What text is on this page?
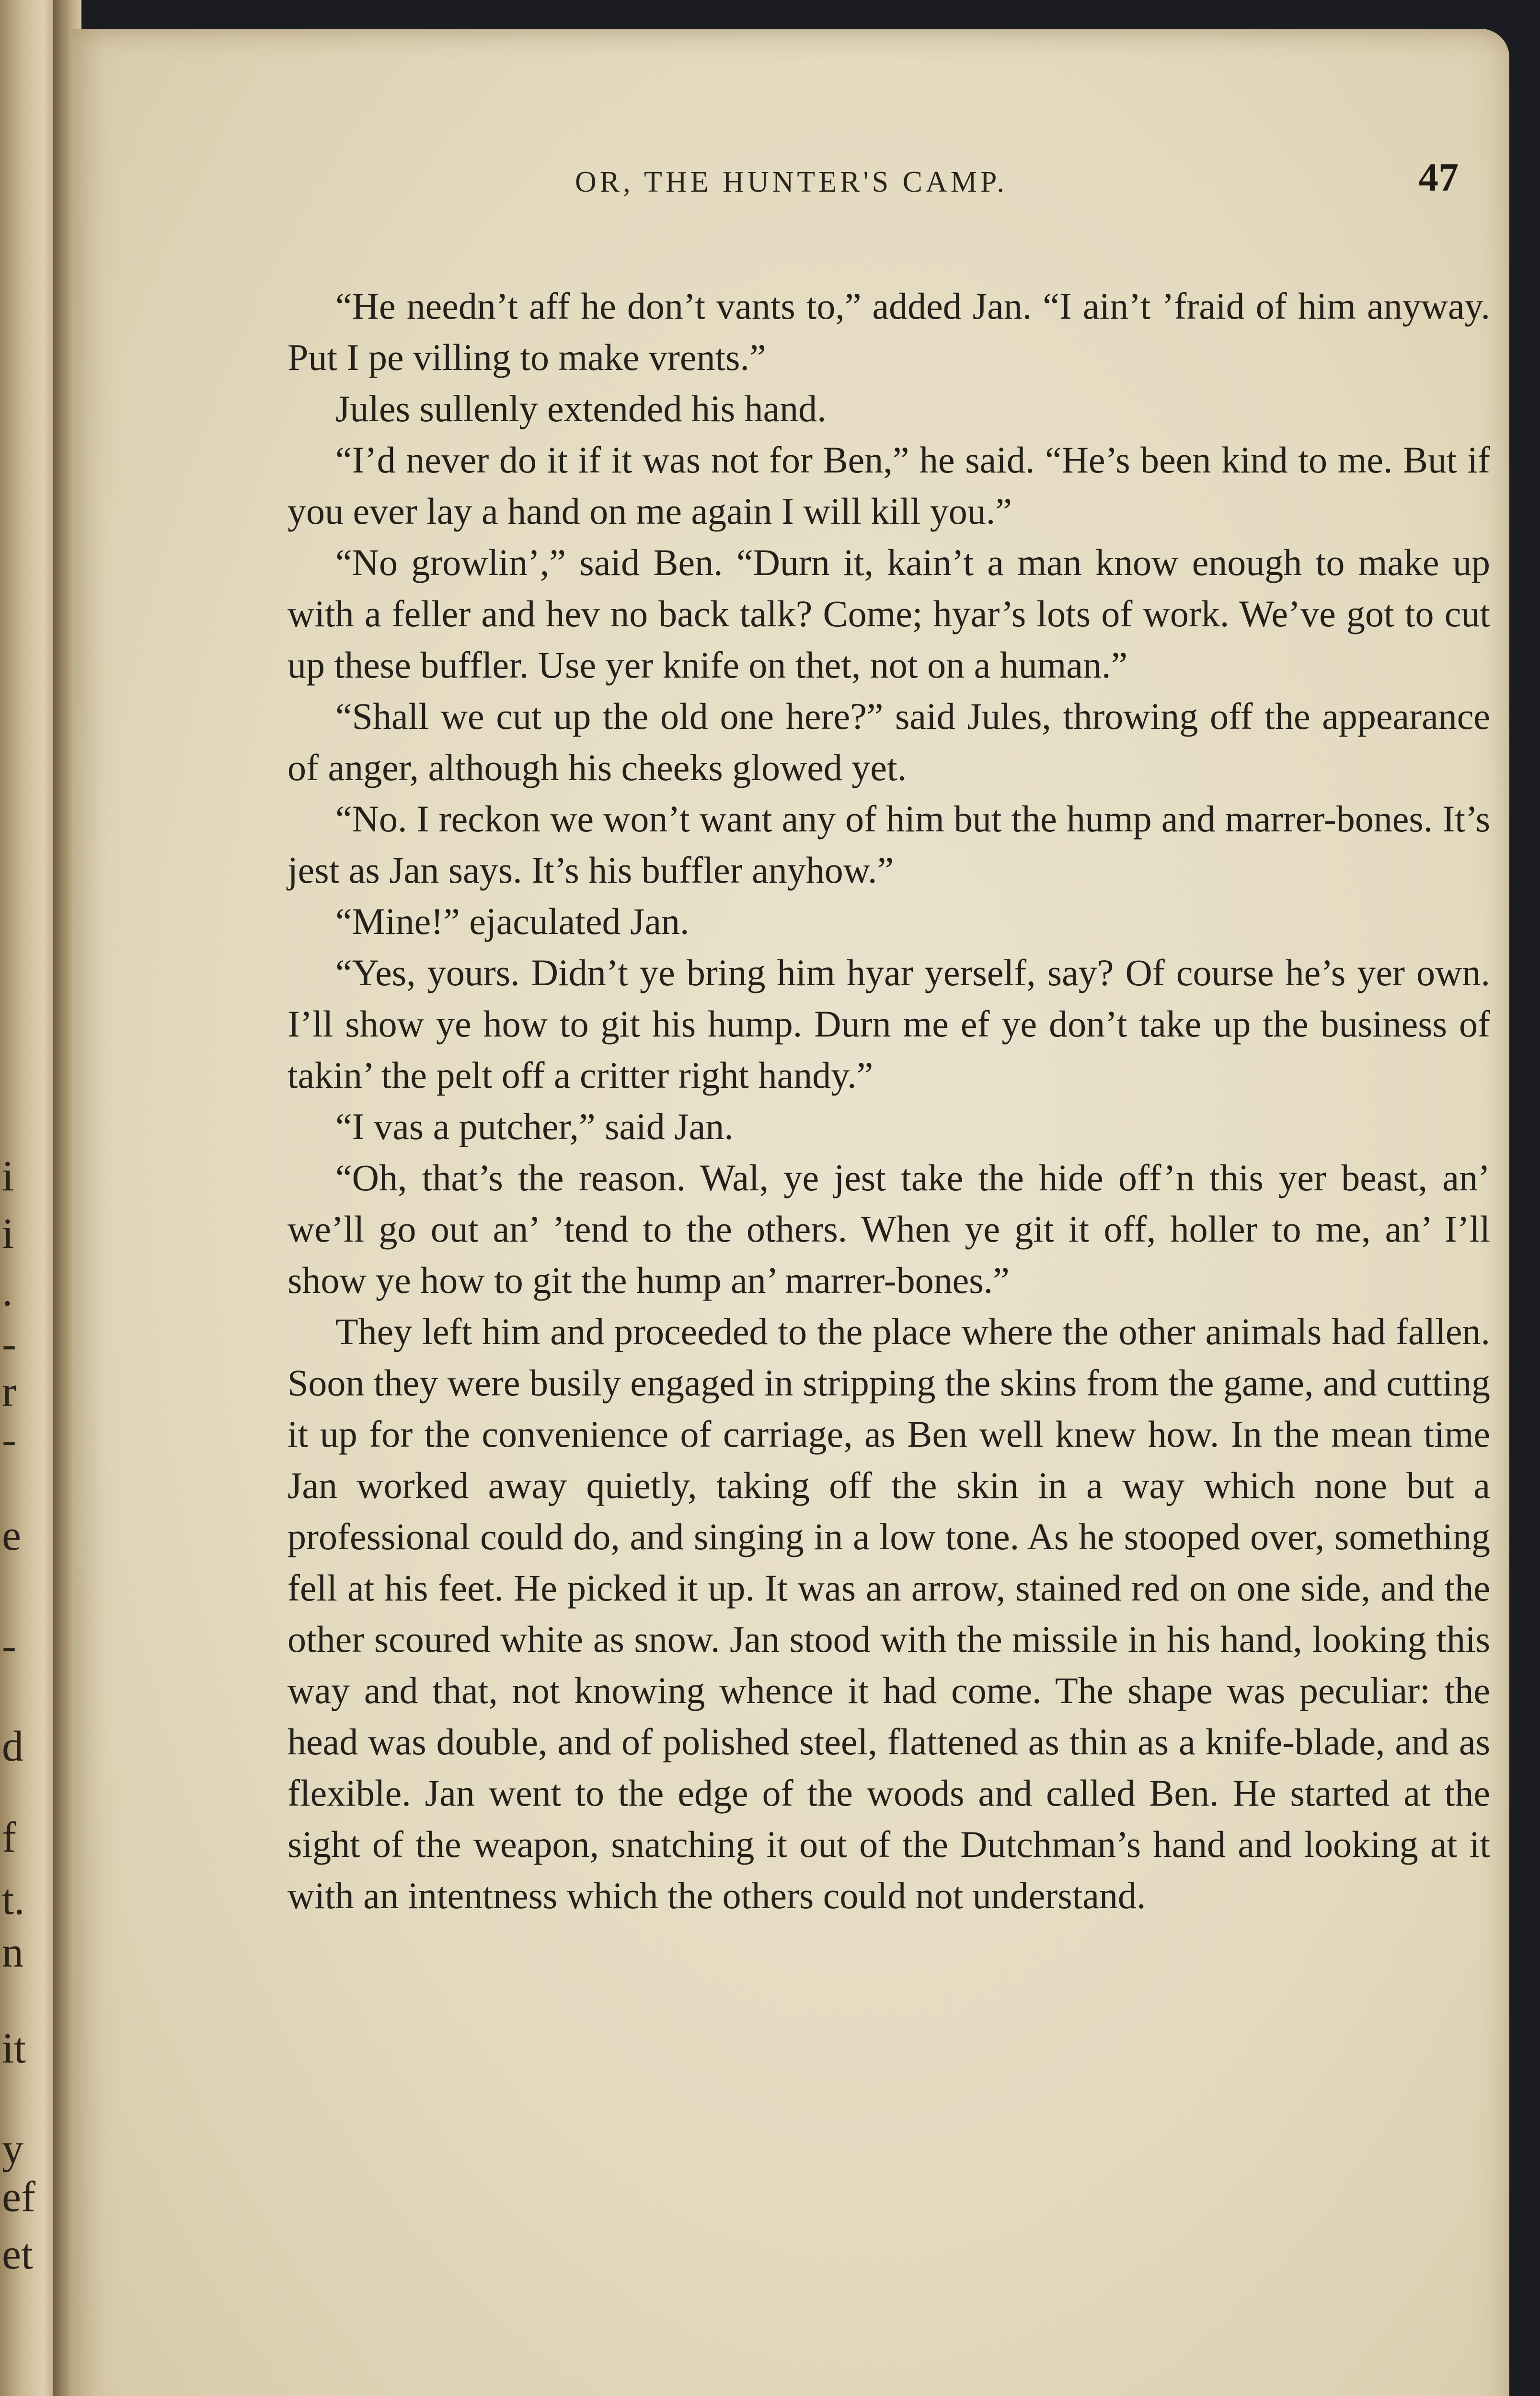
i
i
.
-
r
-
e
-
d
f
t.
n
it
y
ef
et
OR, THE HUNTER'S CAMP.	47

“He needn’t aff he don’t vants to,” added Jan. “I ain’t ’fraid of him anyway. Put I pe villing to make vrents.”

Jules sullenly extended his hand.

“I’d never do it if it was not for Ben,” he said. “He’s been kind to me. But if you ever lay a hand on me again I will kill you.”

“No growlin’,” said Ben. “Durn it, kain’t a man know enough to make up with a feller and hev no back talk? Come; hyar’s lots of work. We’ve got to cut up these buffler. Use yer knife on thet, not on a human.”

“Shall we cut up the old one here?” said Jules, throwing off the appearance of anger, although his cheeks glowed yet.

“No. I reckon we won’t want any of him but the hump and marrer-bones. It’s jest as Jan says. It’s his buffler anyhow.”

“Mine!” ejaculated Jan.

“Yes, yours. Didn’t ye bring him hyar yerself, say? Of course he’s yer own. I’ll show ye how to git his hump. Durn me ef ye don’t take up the business of takin’ the pelt off a critter right handy.”

“I vas a putcher,” said Jan.

“Oh, that’s the reason. Wal, ye jest take the hide off’n this yer beast, an’ we’ll go out an’ ’tend to the others. When ye git it off, holler to me, an’ I’ll show ye how to git the hump an’ marrer-bones.”

They left him and proceeded to the place where the other animals had fallen. Soon they were busily engaged in stripping the skins from the game, and cutting it up for the convenience of carriage, as Ben well knew how. In the mean time Jan worked away quietly, taking off the skin in a way which none but a professional could do, and singing in a low tone. As he stooped over, something fell at his feet. He picked it up. It was an arrow, stained red on one side, and the other scoured white as snow. Jan stood with the missile in his hand, looking this way and that, not knowing whence it had come. The shape was peculiar: the head was double, and of polished steel, flattened as thin as a knife-blade, and as flexible. Jan went to the edge of the woods and called Ben. He started at the sight of the weapon, snatching it out of the Dutchman’s hand and looking at it with an intentness which the others could not understand.
